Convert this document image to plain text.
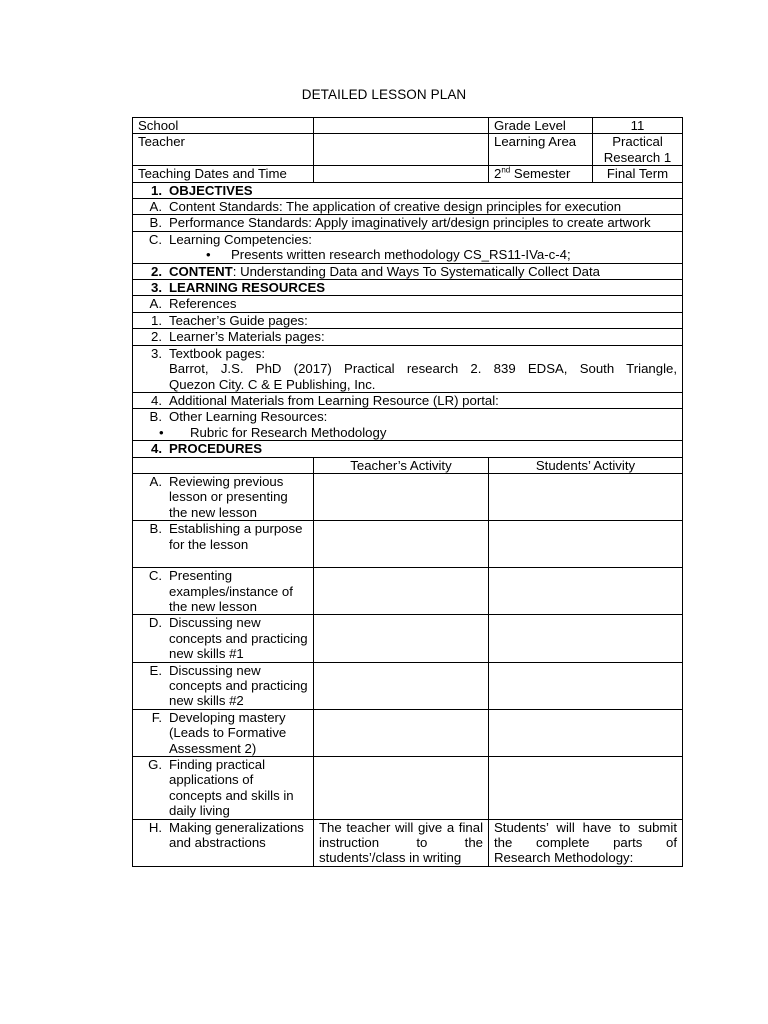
DETAILED LESSON PLAN
School		Grade Level	11
Teacher		Learning Area	Practical Research 1
Teaching Dates and Time		2nd Semester	Final Term

1. OBJECTIVES			

A. Content Standards: The application of creative design principles for execution			

B. Performance Standards: Apply imaginatively art/design principles to create artwork			

C. Learning Competencies:
• Presents written research methodology CS_RS11-IVa-c-4;			

2. CONTENT: Understanding Data and Ways To Systematically Collect Data			

3. LEARNING RESOURCES			

A. References			

1. Teacher’s Guide pages:			

2. Learner’s Materials pages:			

3. Textbook pages:
Barrot, J.S. PhD (2017) Practical research 2. 839 EDSA, South Triangle,
Quezon City. C & E Publishing, Inc.			

4. Additional Materials from Learning Resource (LR) portal:			

B. Other Learning Resources:
• Rubric for Research Methodology			

4. PROCEDURES			

	Teacher’s Activity	Students’ Activity	

A. Reviewing previous lesson or presenting the new lesson			

B. Establishing a purpose for the lesson			

C. Presenting examples/instance of the new lesson			

D. Discussing new concepts and practicing new skills #1			

E. Discussing new concepts and practicing new skills #2			

F. Developing mastery (Leads to Formative Assessment 2)			

G. Finding practical applications of concepts and skills in daily living			

H. Making generalizations and abstractions	The teacher will give a final instruction to the students’/class in writing	Students’ will have to submit the complete parts of Research Methodology:	
